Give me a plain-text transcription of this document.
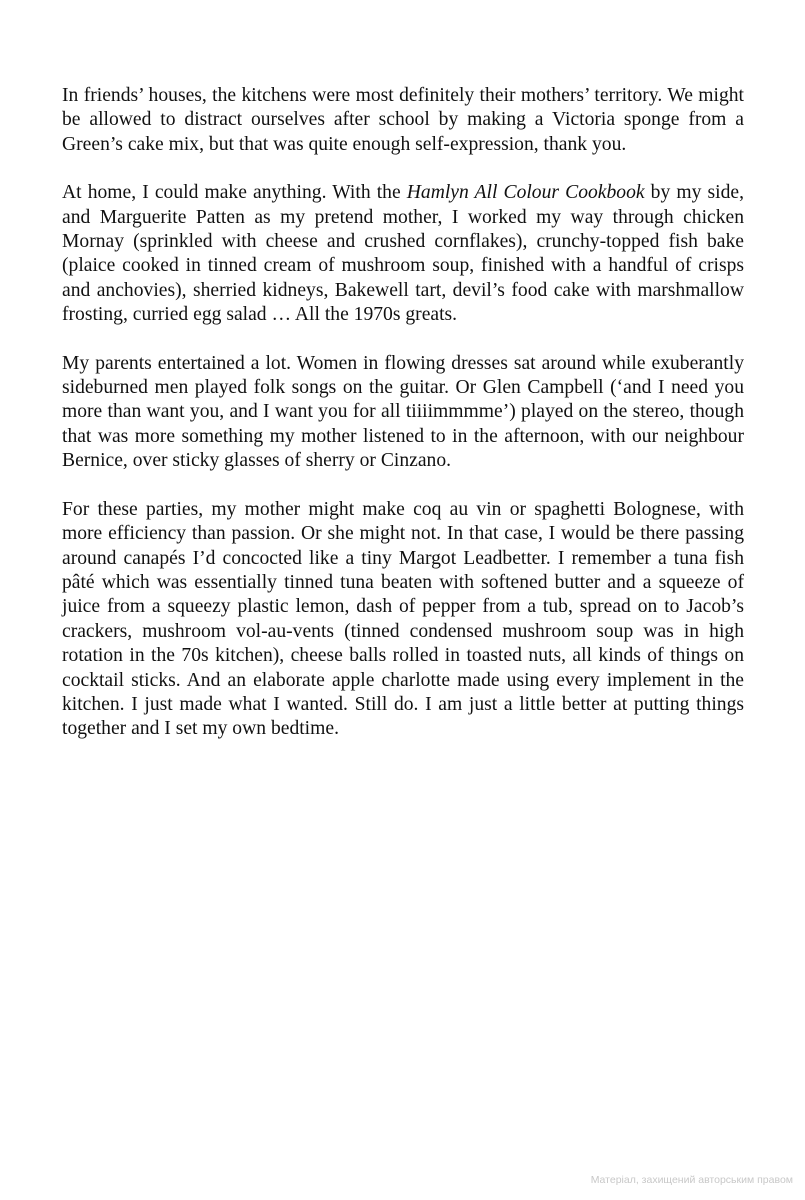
In friends’ houses, the kitchens were most definitely their mothers’ territory. We might be allowed to distract ourselves after school by making a Victoria sponge from a Green’s cake mix, but that was quite enough self-expression, thank you.

At home, I could make anything. With the Hamlyn All Colour Cookbook by my side, and Marguerite Patten as my pretend mother, I worked my way through chicken Mornay (sprinkled with cheese and crushed cornflakes), crunchy-topped fish bake (plaice cooked in tinned cream of mushroom soup, finished with a handful of crisps and anchovies), sherried kidneys, Bakewell tart, devil’s food cake with marshmallow frosting, curried egg salad … All the 1970s greats.

My parents entertained a lot. Women in flowing dresses sat around while exuberantly sideburned men played folk songs on the guitar. Or Glen Campbell (‘and I need you more than want you, and I want you for all tiiiimmmme’) played on the stereo, though that was more something my mother listened to in the afternoon, with our neighbour Bernice, over sticky glasses of sherry or Cinzano.

For these parties, my mother might make coq au vin or spaghetti Bolognese, with more efficiency than passion. Or she might not. In that case, I would be there passing around canapés I’d concocted like a tiny Margot Leadbetter. I remember a tuna fish pâté which was essentially tinned tuna beaten with softened butter and a squeeze of juice from a squeezy plastic lemon, dash of pepper from a tub, spread on to Jacob’s crackers, mushroom vol-au-vents (tinned condensed mushroom soup was in high rotation in the 70s kitchen), cheese balls rolled in toasted nuts, all kinds of things on cocktail sticks. And an elaborate apple charlotte made using every implement in the kitchen. I just made what I wanted. Still do. I am just a little better at putting things together and I set my own bedtime.

Матеріал, захищений авторським правом
